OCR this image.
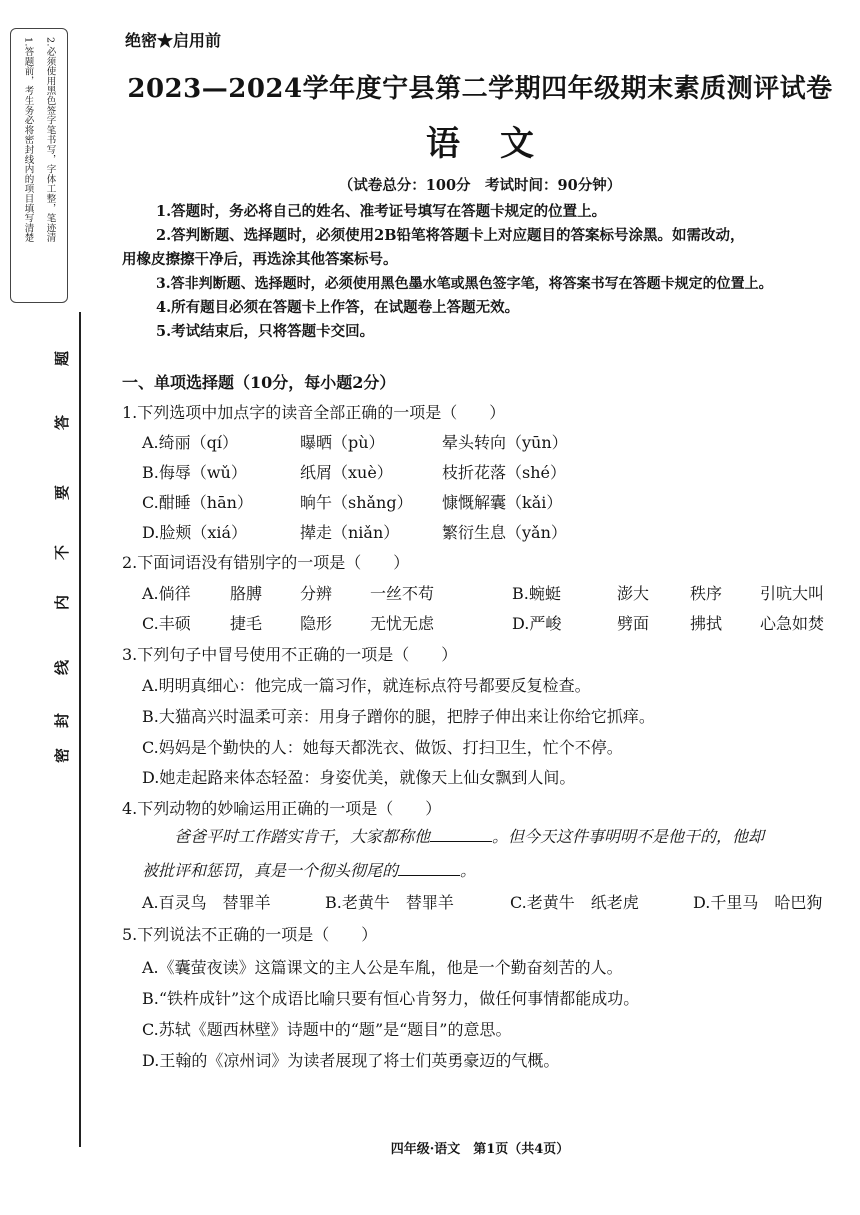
1.答题前，考生务必将密封线内的项目填写清楚 2.必须使用黑色签字笔书写，字体工整，笔迹清
题
答
要
不
内
线
封
密
绝密★启用前
2023—2024学年度宁县第二学期四年级期末素质测评试卷
语文
（试卷总分：100分　考试时间：90分钟）

1.答题时，务必将自己的姓名、准考证号填写在答题卡规定的位置上。

2.答判断题、选择题时，必须使用2B铅笔将答题卡上对应题目的答案标号涂黑。如需改动，

用橡皮擦擦干净后，再选涂其他答案标号。

3.答非判断题、选择题时，必须使用黑色墨水笔或黑色签字笔，将答案书写在答题卡规定的位置上。

4.所有题目必须在答题卡上作答，在试题卷上答题无效。

5.考试结束后，只将答题卡交回。

一、单项选择题（10分，每小题2分）
1.下列选项中加点字的读音全部正确的一项是（　　）
A.绮丽（qí）	曝晒（pù）	晕头转向（yūn）
B.侮辱（wǔ）	纸屑（xuè）	枝折花落（shé）
C.酣睡（hān）	晌午（shǎng） 慷慨解囊（kǎi）
D.脸颊（xiá）	撵走（niǎn）	繁衍生息（yǎn）
2.下面词语没有错别字的一项是（　　）
A.倘徉 胳膊 分辨 一丝不苟	B.蜿蜓	澎大	秩序 引吭大叫
C.丰硕 捷毛 隐形 无忧无虑	D.严峻	劈面	拂拭 心急如焚
3.下列句子中冒号使用不正确的一项是（　　）
A.明明真细心：他完成一篇习作，就连标点符号都要反复检查。
B.大猫高兴时温柔可亲：用身子蹭你的腿，把脖子伸出来让你给它抓痒。
C.妈妈是个勤快的人：她每天都洗衣、做饭、打扫卫生，忙个不停。
D.她走起路来体态轻盈：身姿优美，就像天上仙女飘到人间。
4.下列动物的妙喻运用正确的一项是（　　）
爸爸平时工作踏实肯干，大家都称他	。但今天这件事明明不是他干的，他却
被批评和惩罚，真是一个彻头彻尾的	。
A.百灵鸟　替罪羊	B.老黄牛　替罪羊	C.老黄牛　纸老虎	D.千里马　哈巴狗
5.下列说法不正确的一项是（　　）
A.《囊萤夜读》这篇课文的主人公是车胤，他是一个勤奋刻苦的人。
B.“铁杵成针”这个成语比喻只要有恒心肯努力，做任何事情都能成功。
C.苏轼《题西林壁》诗题中的“题”是“题目”的意思。
D.王翰的《凉州词》为读者展现了将士们英勇豪迈的气概。
四年级·语文　第1页（共4页）
